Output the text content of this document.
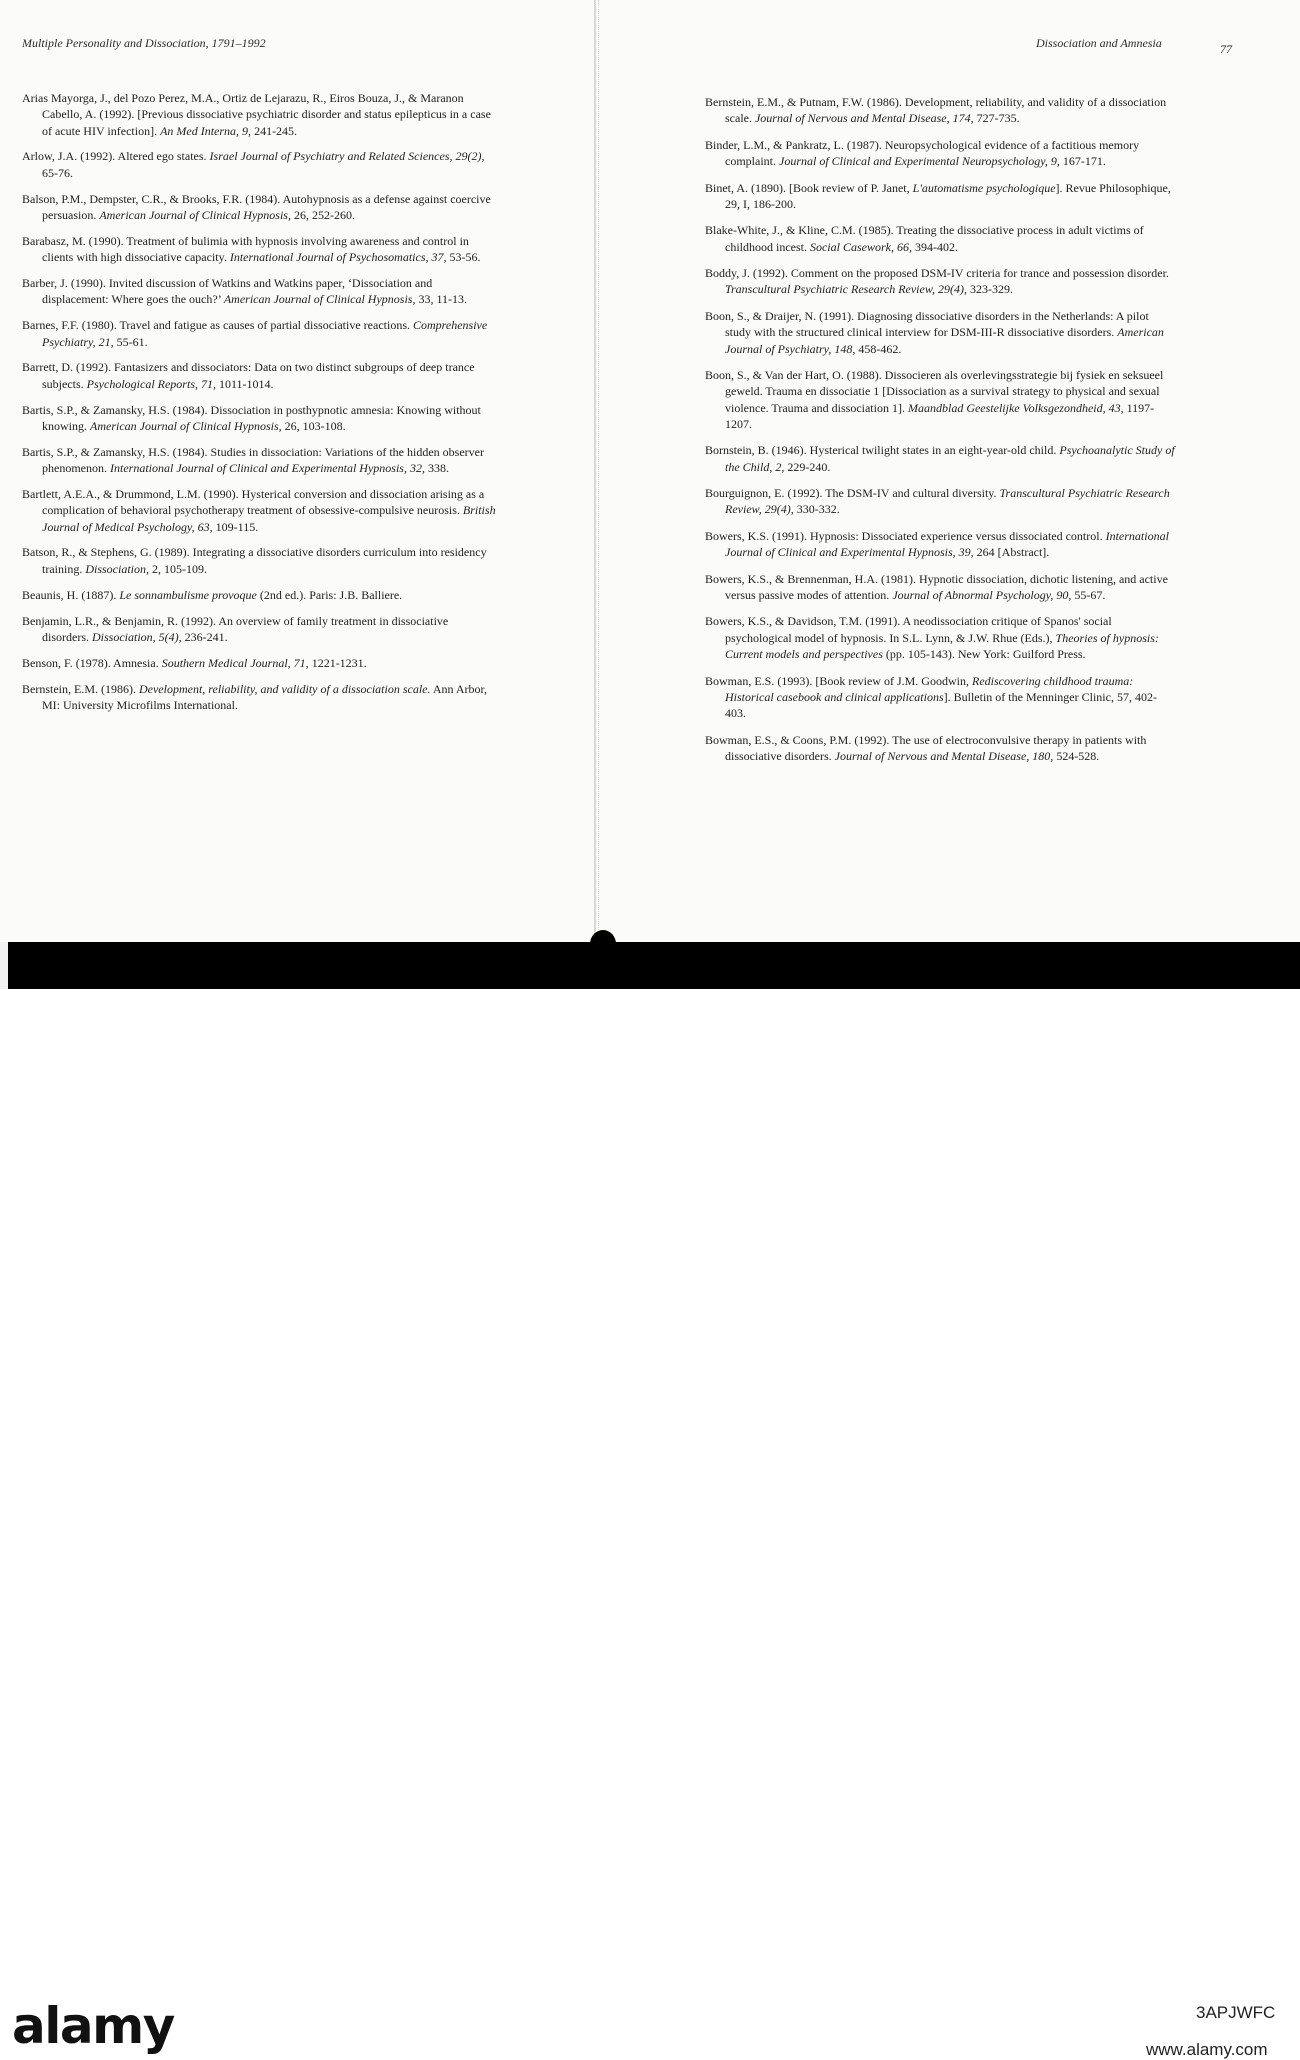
Multiple Personality and Dissociation, 1791–1992	Dissociation and Amnesia	77
Arias Mayorga, J., del Pozo Perez, M.A., Ortiz de Lejarazu, R., Eiros Bouza, J., & Maranon Cabello, A. (1992). [Previous dissociative psychiatric disorder and status epilepticus in a case of acute HIV infection]. An Med Interna, 9, 241-245.
Arlow, J.A. (1992). Altered ego states. Israel Journal of Psychiatry and Related Sciences, 29(2), 65-76.
Balson, P.M., Dempster, C.R., & Brooks, F.R. (1984). Autohypnosis as a defense against coercive persuasion. American Journal of Clinical Hypnosis, 26, 252-260.
Barabasz, M. (1990). Treatment of bulimia with hypnosis involving awareness and control in clients with high dissociative capacity. International Journal of Psychosomatics, 37, 53-56.
Barber, J. (1990). Invited discussion of Watkins and Watkins paper, ‘Dissociation and displacement: Where goes the ouch?’ American Journal of Clinical Hypnosis, 33, 11-13.
Barnes, F.F. (1980). Travel and fatigue as causes of partial dissociative reactions. Comprehensive Psychiatry, 21, 55-61.
Barrett, D. (1992). Fantasizers and dissociators: Data on two distinct subgroups of deep trance subjects. Psychological Reports, 71, 1011-1014.
Bartis, S.P., & Zamansky, H.S. (1984). Dissociation in posthypnotic amnesia: Knowing without knowing. American Journal of Clinical Hypnosis, 26, 103-108.
Bartis, S.P., & Zamansky, H.S. (1984). Studies in dissociation: Variations of the hidden observer phenomenon. International Journal of Clinical and Experimental Hypnosis, 32, 338.
Bartlett, A.E.A., & Drummond, L.M. (1990). Hysterical conversion and dissociation arising as a complication of behavioral psychotherapy treatment of obsessive-compulsive neurosis. British Journal of Medical Psychology, 63, 109-115.
Batson, R., & Stephens, G. (1989). Integrating a dissociative disorders curriculum into residency training. Dissociation, 2, 105-109.
Beaunis, H. (1887). Le sonnambulisme provoque (2nd ed.). Paris: J.B. Balliere.
Benjamin, L.R., & Benjamin, R. (1992). An overview of family treatment in dissociative disorders. Dissociation, 5(4), 236-241.
Benson, F. (1978). Amnesia. Southern Medical Journal, 71, 1221-1231.
Bernstein, E.M. (1986). Development, reliability, and validity of a dissociation scale. Ann Arbor, MI: University Microfilms International.
Bernstein, E.M., & Putnam, F.W. (1986). Development, reliability, and validity of a dissociation scale. Journal of Nervous and Mental Disease, 174, 727-735.
Binder, L.M., & Pankratz, L. (1987). Neuropsychological evidence of a factitious memory complaint. Journal of Clinical and Experimental Neuropsychology, 9, 167-171.
Binet, A. (1890). [Book review of P. Janet, L'automatisme psychologique]. Revue Philosophique, 29, I, 186-200.
Blake-White, J., & Kline, C.M. (1985). Treating the dissociative process in adult victims of childhood incest. Social Casework, 66, 394-402.
Boddy, J. (1992). Comment on the proposed DSM-IV criteria for trance and possession disorder. Transcultural Psychiatric Research Review, 29(4), 323-329.
Boon, S., & Draijer, N. (1991). Diagnosing dissociative disorders in the Netherlands: A pilot study with the structured clinical interview for DSM-III-R dissociative disorders. American Journal of Psychiatry, 148, 458-462.
Boon, S., & Van der Hart, O. (1988). Dissocieren als overlevingsstrategie bij fysiek en seksueel geweld. Trauma en dissociatie 1 [Dissociation as a survival strategy to physical and sexual violence. Trauma and dissociation 1]. Maandblad Geestelijke Volksgezondheid, 43, 1197-1207.
Bornstein, B. (1946). Hysterical twilight states in an eight-year-old child. Psychoanalytic Study of the Child, 2, 229-240.
Bourguignon, E. (1992). The DSM-IV and cultural diversity. Transcultural Psychiatric Research Review, 29(4), 330-332.
Bowers, K.S. (1991). Hypnosis: Dissociated experience versus dissociated control. International Journal of Clinical and Experimental Hypnosis, 39, 264 [Abstract].
Bowers, K.S., & Brennenman, H.A. (1981). Hypnotic dissociation, dichotic listening, and active versus passive modes of attention. Journal of Abnormal Psychology, 90, 55-67.
Bowers, K.S., & Davidson, T.M. (1991). A neodissociation critique of Spanos' social psychological model of hypnosis. In S.L. Lynn, & J.W. Rhue (Eds.), Theories of hypnosis: Current models and perspectives (pp. 105-143). New York: Guilford Press.
Bowman, E.S. (1993). [Book review of J.M. Goodwin, Rediscovering childhood trauma: Historical casebook and clinical applications]. Bulletin of the Menninger Clinic, 57, 402-403.
Bowman, E.S., & Coons, P.M. (1992). The use of electroconvulsive therapy in patients with dissociative disorders. Journal of Nervous and Mental Disease, 180, 524-528.
alamy	3APJWFC
www.alamy.com
